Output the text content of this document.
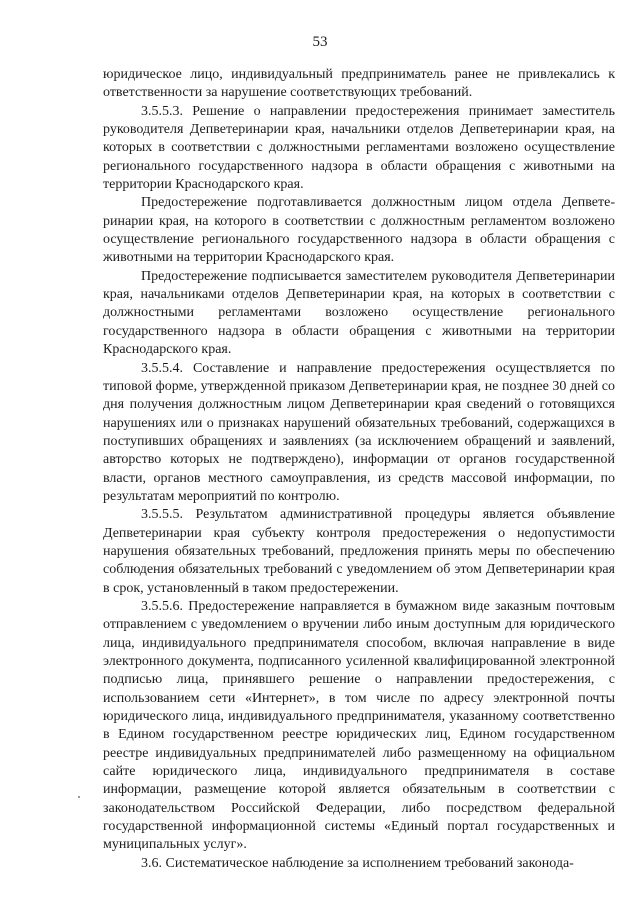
53

юридическое лицо, индивидуальный предприниматель ранее не привлекались к ответственности за нарушение соответствующих требований.

3.5.5.3. Решение о направлении предостережения принимает заместитель руководителя Депветеринарии края, начальники отделов Депветеринарии края, на которых в соответствии с должностными регламентами возложено осуществление регионального государственного надзора в области обращения с животными на территории Краснодарского края.

Предостережение подготавливается должностным лицом отдела Депветеринарии края, на которого в соответствии с должностным регламентом возложено осуществление регионального государственного надзора в области обращения с животными на территории Краснодарского края.

Предостережение подписывается заместителем руководителя Депветеринарии края, начальниками отделов Депветеринарии края, на которых в соответствии с должностными регламентами возложено осуществление регионального государственного надзора в области обращения с животными на территории Краснодарского края.

3.5.5.4. Составление и направление предостережения осуществляется по типовой форме, утвержденной приказом Депветеринарии края, не позднее 30 дней со дня получения должностным лицом Депветеринарии края сведений о готовящихся нарушениях или о признаках нарушений обязательных требований, содержащихся в поступивших обращениях и заявлениях (за исключением обращений и заявлений, авторство которых не подтверждено), информации от органов государственной власти, органов местного самоуправления, из средств массовой информации, по результатам мероприятий по контролю.

3.5.5.5. Результатом административной процедуры является объявление Депветеринарии края субъекту контроля предостережения о недопустимости нарушения обязательных требований, предложения принять меры по обеспечению соблюдения обязательных требований с уведомлением об этом Депветеринарии края в срок, установленный в таком предостережении.

3.5.5.6. Предостережение направляется в бумажном виде заказным почтовым отправлением с уведомлением о вручении либо иным доступным для юридического лица, индивидуального предпринимателя способом, включая направление в виде электронного документа, подписанного усиленной квалифицированной электронной подписью лица, принявшего решение о направлении предостережения, с использованием сети «Интернет», в том числе по адресу электронной почты юридического лица, индивидуального предпринимателя, указанному соответственно в Едином государственном реестре юридических лиц, Едином государственном реестре индивидуальных предпринимателей либо размещенному на официальном сайте юридического лица, индивидуального предпринимателя в составе информации, размещение которой является обязательным в соответствии с законодательством Российской Федерации, либо посредством федеральной государственной информационной системы «Единый портал государственных и муниципальных услуг».

3.6. Систематическое наблюдение за исполнением требований законода-
